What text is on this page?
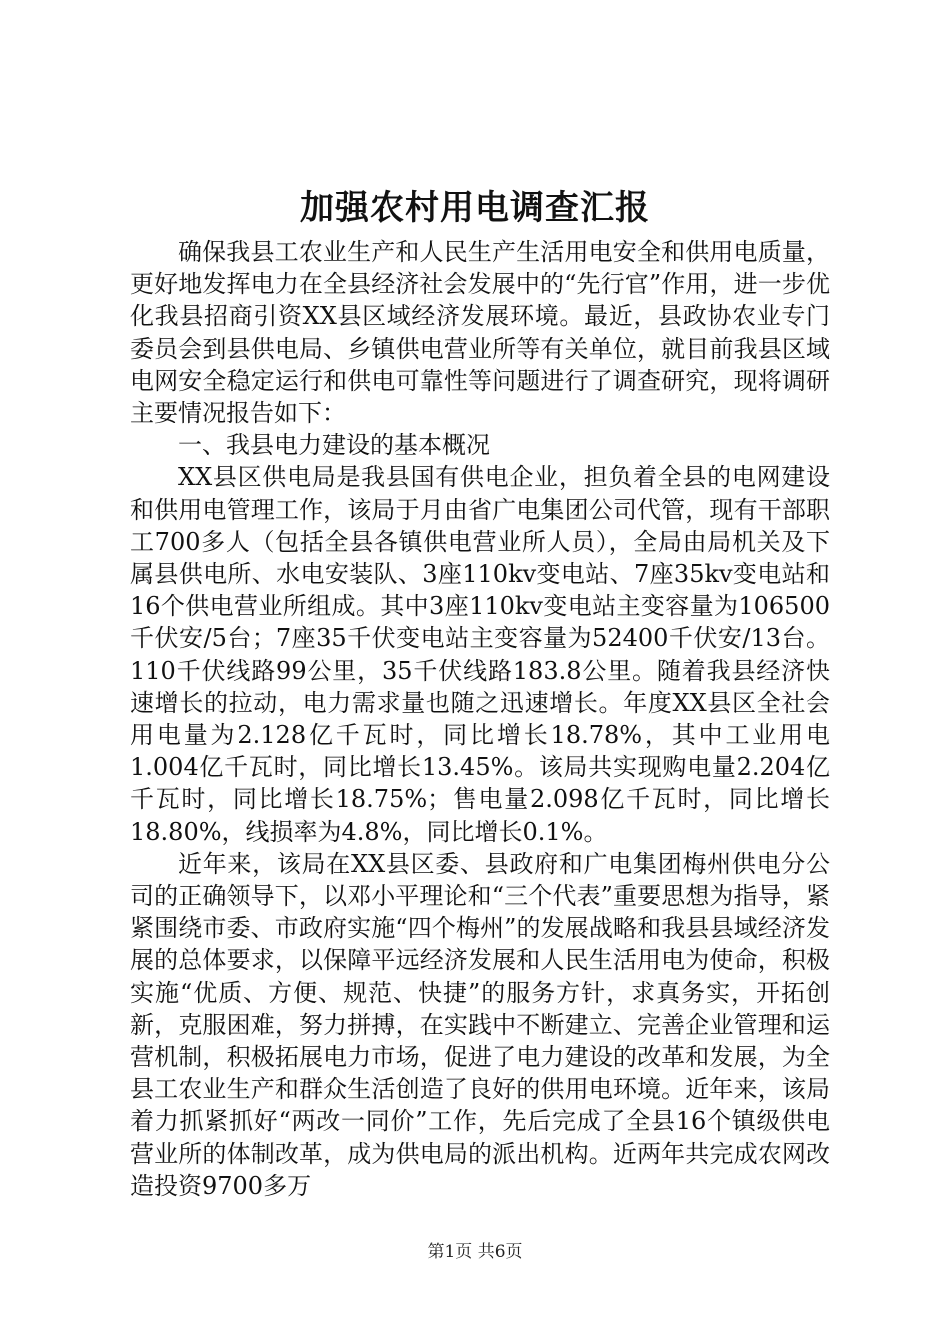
加强农村用电调查汇报

确保我县工农业生产和人民生产生活用电安全和供用电质量，更好地发挥电力在全县经济社会发展中的“先行官”作用，进一步优化我县招商引资XX县区域经济发展环境。最近，县政协农业专门委员会到县供电局、乡镇供电营业所等有关单位，就目前我县区域电网安全稳定运行和供电可靠性等问题进行了调查研究，现将调研主要情况报告如下：

一、我县电力建设的基本概况

XX县区供电局是我县国有供电企业，担负着全县的电网建设和供用电管理工作，该局于月由省广电集团公司代管，现有干部职工700多人（包括全县各镇供电营业所人员），全局由局机关及下属县供电所、水电安装队、3座110kv变电站、7座35kv变电站和16个供电营业所组成。其中3座110kv变电站主变容量为106500千伏安/5台；7座35千伏变电站主变容量为52400千伏安/13台。110千伏线路99公里，35千伏线路183.8公里。随着我县经济快速增长的拉动，电力需求量也随之迅速增长。年度XX县区全社会用电量为2.128亿千瓦时，同比增长18.78%，其中工业用电1.004亿千瓦时，同比增长13.45%。该局共实现购电量2.204亿千瓦时，同比增长18.75%；售电量2.098亿千瓦时，同比增长18.80%，线损率为4.8%，同比增长0.1%。

近年来，该局在XX县区委、县政府和广电集团梅州供电分公司的正确领导下，以邓小平理论和“三个代表”重要思想为指导，紧紧围绕市委、市政府实施“四个梅州”的发展战略和我县县域经济发展的总体要求，以保障平远经济发展和人民生活用电为使命，积极实施“优质、方便、规范、快捷”的服务方针，求真务实，开拓创新，克服困难，努力拼搏，在实践中不断建立、完善企业管理和运营机制，积极拓展电力市场，促进了电力建设的改革和发展，为全县工农业生产和群众生活创造了良好的供用电环境。近年来，该局着力抓紧抓好“两改一同价”工作，先后完成了全县16个镇级供电营业所的体制改革，成为供电局的派出机构。近两年共完成农网改造投资9700多万

第1页 共6页
